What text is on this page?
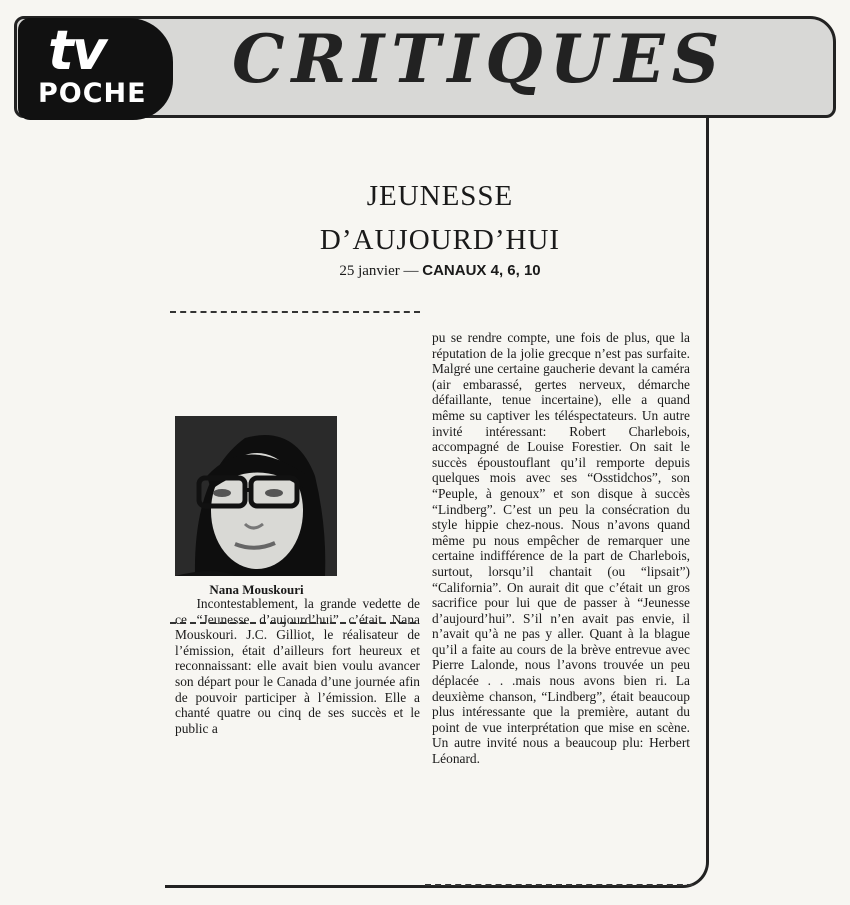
tv
POCHE CRITIQUES
JEUNESSE
D’AUJOURD’HUI
25 janvier — CANAUX 4, 6, 10
Nana Mouskouri

Incontestablement, la grande vedette de ce “Jeunesse d’aujourd’hui” c’était Nana Mouskouri. J.C. Gilliot, le réalisateur de l’émission, était d’ailleurs fort heureux et reconnaissant: elle avait bien voulu avancer son départ pour le Canada d’une journée afin de pouvoir participer à l’émission. Elle a chanté quatre ou cinq de ses succès et le public a

pu se rendre compte, une fois de plus, que la réputation de la jolie grecque n’est pas surfaite. Malgré une certaine gaucherie devant la caméra (air embarassé, gertes nerveux, démarche défaillante, tenue incertaine), elle a quand même su captiver les téléspectateurs. Un autre invité intéressant: Robert Charlebois, accompagné de Louise Forestier. On sait le succès époustouflant qu’il remporte depuis quelques mois avec ses “Osstidchos”, son “Peuple, à genoux” et son disque à succès “Lindberg”. C’est un peu la consécration du style hippie chez-nous. Nous n’avons quand même pu nous empêcher de remarquer une certaine indifférence de la part de Charlebois, surtout, lorsqu’il chantait (ou “lipsait”) “California”. On aurait dit que c’était un gros sacrifice pour lui que de passer à “Jeunesse d’aujourd’hui”. S’il n’en avait pas envie, il n’avait qu’à ne pas y aller. Quant à la blague qu’il a faite au cours de la brève entrevue avec Pierre Lalonde, nous l’avons trouvée un peu déplacée . . .mais nous avons bien ri. La deuxième chanson, “Lindberg”, était beaucoup plus intéressante que la première, autant du point de vue interprétation que mise en scène. Un autre invité nous a beaucoup plu: Herbert Léonard.
